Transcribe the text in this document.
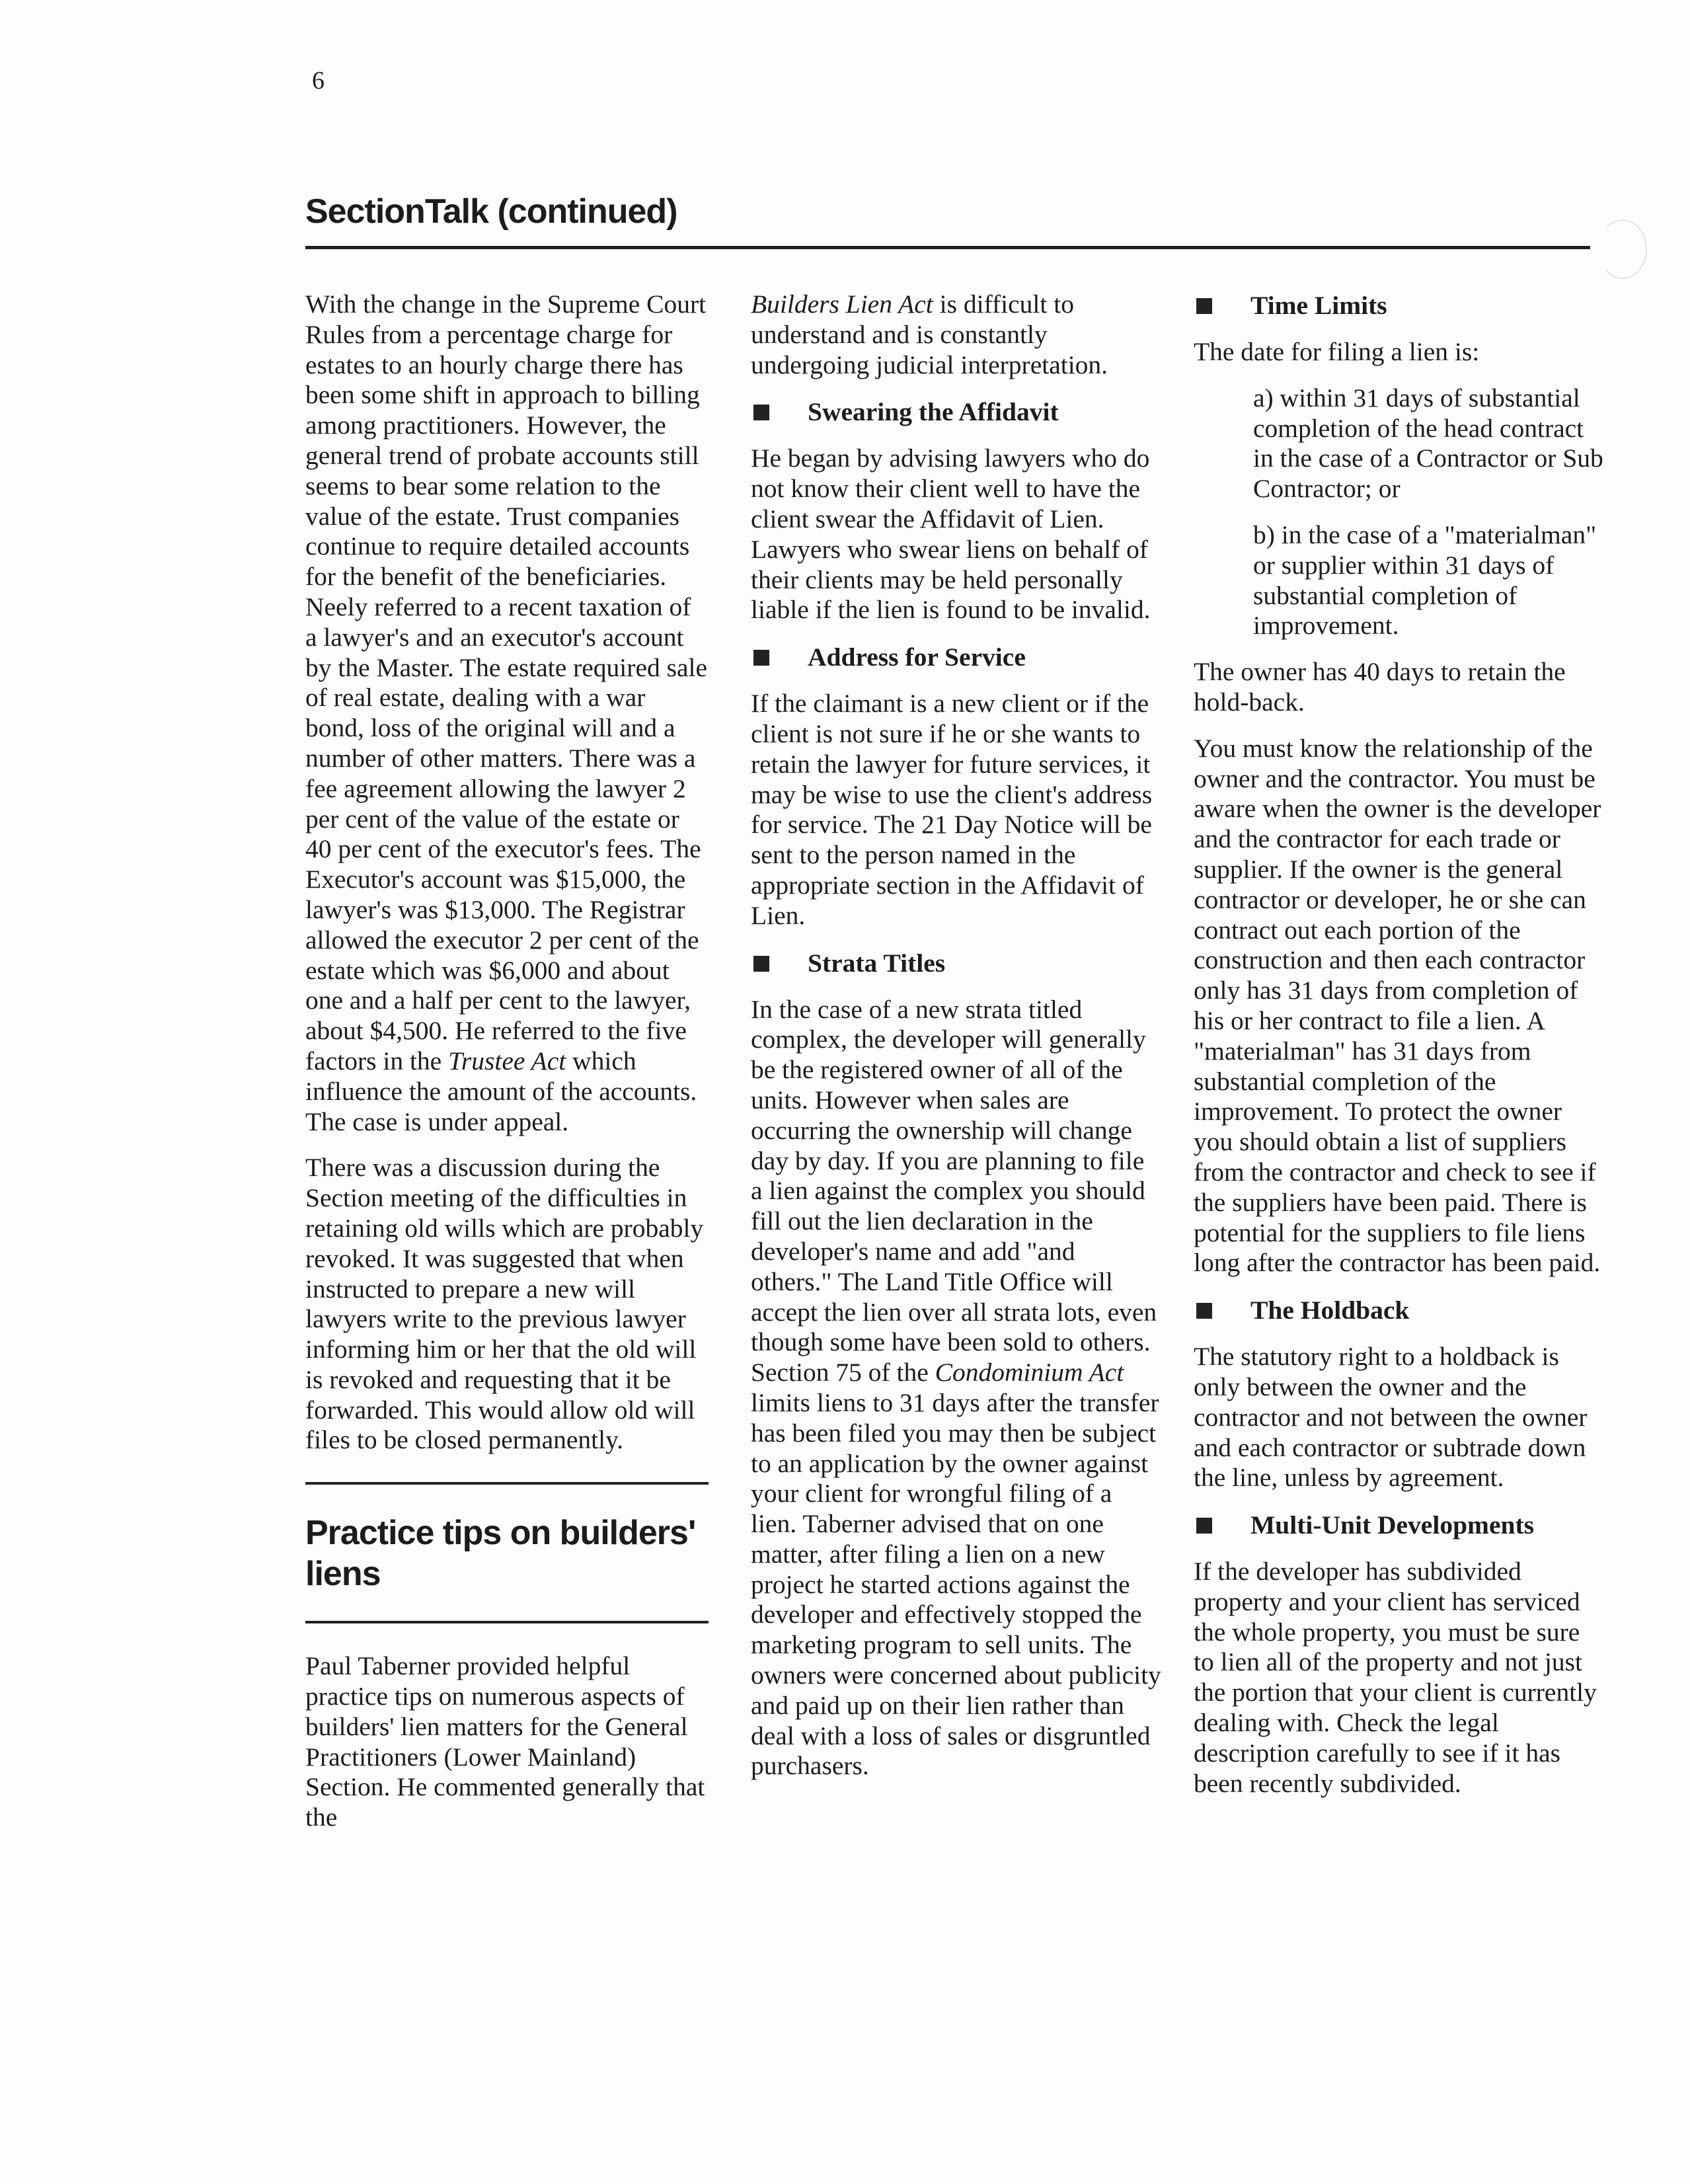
6
SectionTalk (continued)

With the change in the Supreme Court Rules from a percentage charge for estates to an hourly charge there has been some shift in approach to billing among practitioners. However, the general trend of probate accounts still seems to bear some relation to the value of the estate. Trust companies continue to require detailed accounts for the benefit of the beneficiaries. Neely referred to a recent taxation of a lawyer's and an executor's account by the Master. The estate required sale of real estate, dealing with a war bond, loss of the original will and a number of other matters. There was a fee agreement allowing the lawyer 2 per cent of the value of the estate or 40 per cent of the executor's fees. The Executor's account was $15,000, the lawyer's was $13,000. The Registrar allowed the executor 2 per cent of the estate which was $6,000 and about one and a half per cent to the lawyer, about $4,500. He referred to the five factors in the Trustee Act which influence the amount of the accounts. The case is under appeal.

There was a discussion during the Section meeting of the difficulties in retaining old wills which are probably revoked. It was suggested that when instructed to prepare a new will lawyers write to the previous lawyer informing him or her that the old will is revoked and requesting that it be forwarded. This would allow old will files to be closed permanently.

Practice tips on builders' liens

Paul Taberner provided helpful practice tips on numerous aspects of builders' lien matters for the General Practitioners (Lower Mainland) Section. He commented generally that the

Builders Lien Act is difficult to understand and is constantly undergoing judicial interpretation.

Swearing the Affidavit

He began by advising lawyers who do not know their client well to have the client swear the Affidavit of Lien. Lawyers who swear liens on behalf of their clients may be held personally liable if the lien is found to be invalid.

Address for Service

If the claimant is a new client or if the client is not sure if he or she wants to retain the lawyer for future services, it may be wise to use the client's address for service. The 21 Day Notice will be sent to the person named in the appropriate section in the Affidavit of Lien.

Strata Titles

In the case of a new strata titled complex, the developer will generally be the registered owner of all of the units. However when sales are occurring the ownership will change day by day. If you are planning to file a lien against the complex you should fill out the lien declaration in the developer's name and add "and others." The Land Title Office will accept the lien over all strata lots, even though some have been sold to others. Section 75 of the Condominium Act limits liens to 31 days after the transfer has been filed you may then be subject to an application by the owner against your client for wrongful filing of a lien. Taberner advised that on one matter, after filing a lien on a new project he started actions against the developer and effectively stopped the marketing program to sell units. The owners were concerned about publicity and paid up on their lien rather than deal with a loss of sales or disgruntled purchasers.

Time Limits

The date for filing a lien is:

a) within 31 days of substantial completion of the head contract in the case of a Contractor or Sub Contractor; or

b) in the case of a "materialman" or supplier within 31 days of substantial completion of improvement.

The owner has 40 days to retain the hold-back.

You must know the relationship of the owner and the contractor. You must be aware when the owner is the developer and the contractor for each trade or supplier. If the owner is the general contractor or developer, he or she can contract out each portion of the construction and then each contractor only has 31 days from completion of his or her contract to file a lien. A "materialman" has 31 days from substantial completion of the improvement. To protect the owner you should obtain a list of suppliers from the contractor and check to see if the suppliers have been paid. There is potential for the suppliers to file liens long after the contractor has been paid.

The Holdback

The statutory right to a holdback is only between the owner and the contractor and not between the owner and each contractor or subtrade down the line, unless by agreement.

Multi-Unit Developments

If the developer has subdivided property and your client has serviced the whole property, you must be sure to lien all of the property and not just the portion that your client is currently dealing with. Check the legal description carefully to see if it has been recently subdivided.
